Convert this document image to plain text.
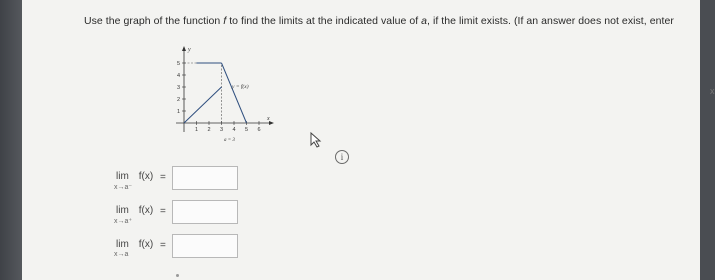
Use the graph of the function f to find the limits at the indicated value of a, if the limit exists. (If an answer does not exist, enter
x
y
x
1
2
3
4
5
1 2 3 4 5 6
y = f(x)
a = 3
i
lim f(x)
x→a⁻
=
lim f(x)
x→a⁺
=
lim f(x)
x→a
=
